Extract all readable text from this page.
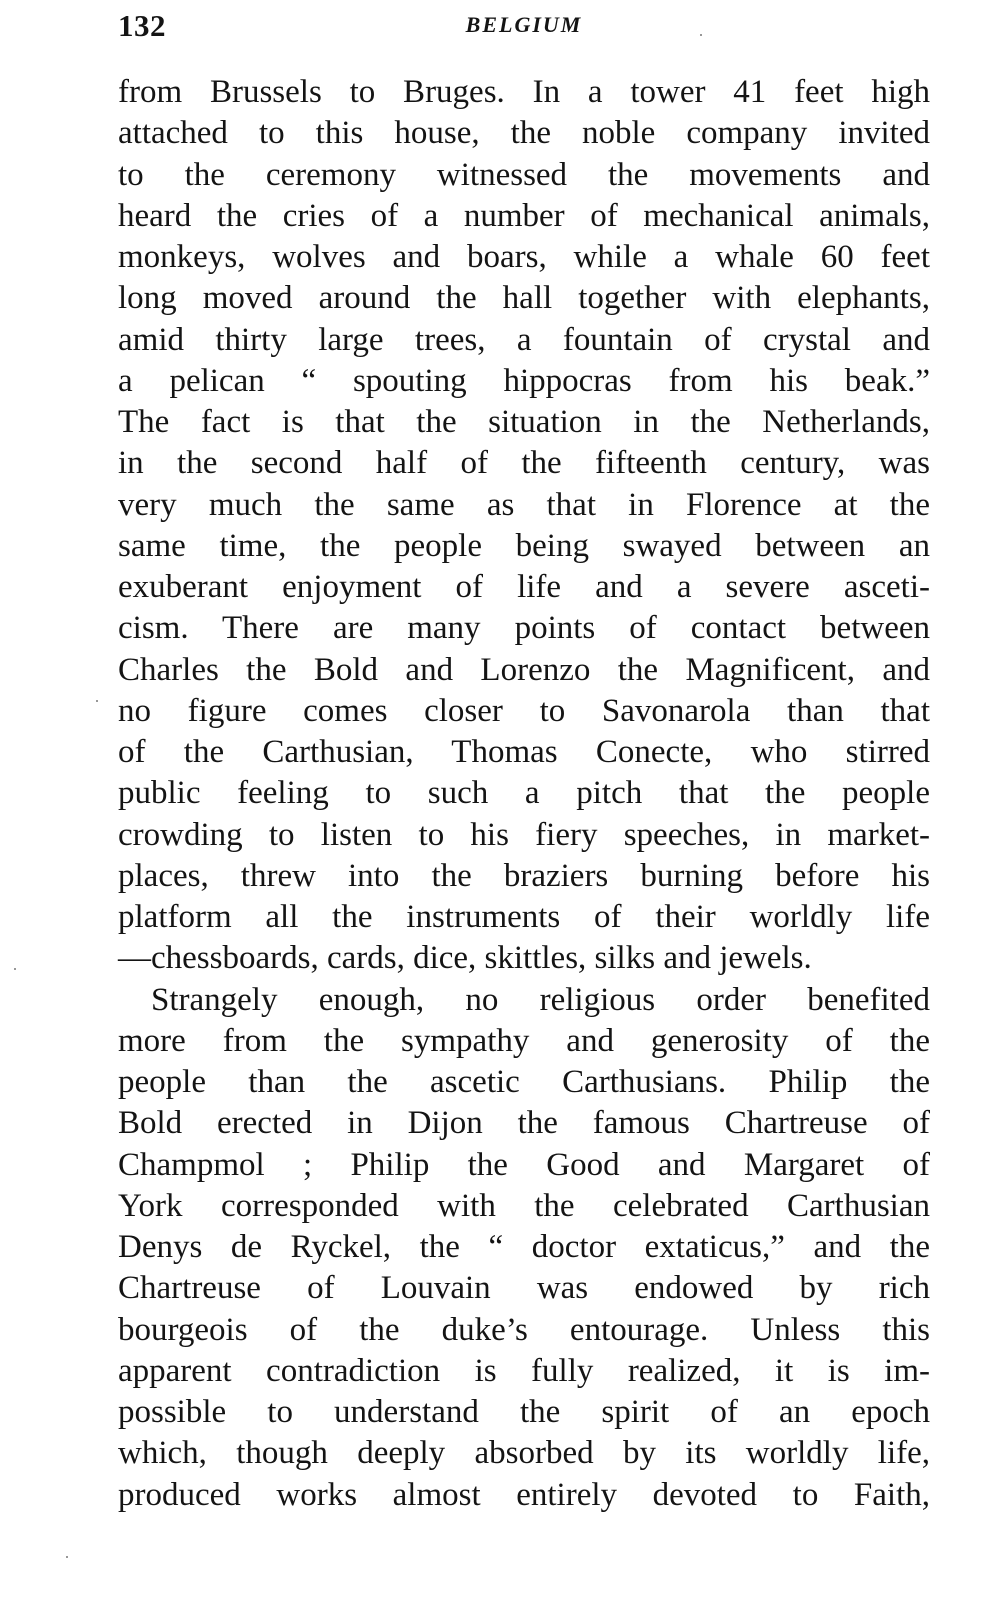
132	BELGIUM
from Brussels to Bruges. In a tower 41 feet high
attached to this house, the noble company invited
to the ceremony witnessed the movements and
heard the cries of a number of mechanical animals,
monkeys, wolves and boars, while a whale 60 feet
long moved around the hall together with elephants,
amid thirty large trees, a fountain of crystal and
a pelican “ spouting hippocras from his beak.”
The fact is that the situation in the Netherlands,
in the second half of the fifteenth century, was
very much the same as that in Florence at the
same time, the people being swayed between an
exuberant enjoyment of life and a severe asceti-
cism. There are many points of contact between
Charles the Bold and Lorenzo the Magnificent, and
no figure comes closer to Savonarola than that
of the Carthusian, Thomas Conecte, who stirred
public feeling to such a pitch that the people
crowding to listen to his fiery speeches, in market-
places, threw into the braziers burning before his
platform all the instruments of their worldly life
—chessboards, cards, dice, skittles, silks and jewels.
Strangely enough, no religious order benefited
more from the sympathy and generosity of the
people than the ascetic Carthusians. Philip the
Bold erected in Dijon the famous Chartreuse of
Champmol ; Philip the Good and Margaret of
York corresponded with the celebrated Carthusian
Denys de Ryckel, the “ doctor extaticus,” and the
Chartreuse of Louvain was endowed by rich
bourgeois of the duke’s entourage. Unless this
apparent contradiction is fully realized, it is im-
possible to understand the spirit of an epoch
which, though deeply absorbed by its worldly life,
produced works almost entirely devoted to Faith,
